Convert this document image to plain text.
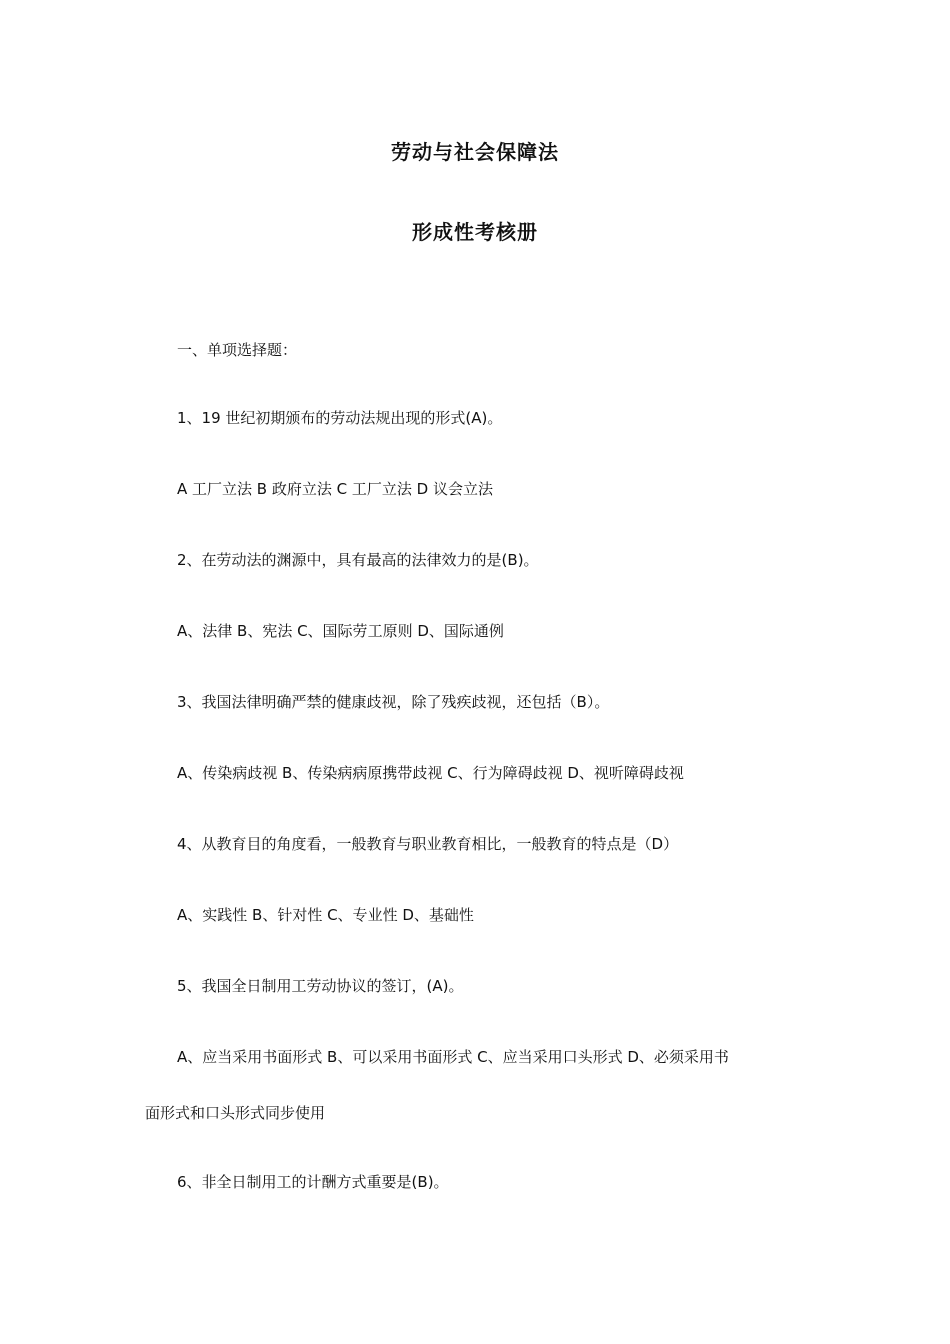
劳动与社会保障法
形成性考核册
一、单项选择题：
1、19 世纪初期颁布的劳动法规出现的形式(A)。
A 工厂立法 B 政府立法 C 工厂立法 D 议会立法
2、在劳动法的渊源中，具有最高的法律效力的是(B)。
A、法律 B、宪法 C、国际劳工原则 D、国际通例
3、我国法律明确严禁的健康歧视，除了残疾歧视，还包括（B）。
A、传染病歧视 B、传染病病原携带歧视 C、行为障碍歧视 D、视听障碍歧视
4、从教育目的角度看，一般教育与职业教育相比，一般教育的特点是（D）
A、实践性 B、针对性 C、专业性 D、基础性
5、我国全日制用工劳动协议的签订，(A)。
A、应当采用书面形式 B、可以采用书面形式 C、应当采用口头形式 D、必须采用书
面形式和口头形式同步使用
6、非全日制用工的计酬方式重要是(B)。
